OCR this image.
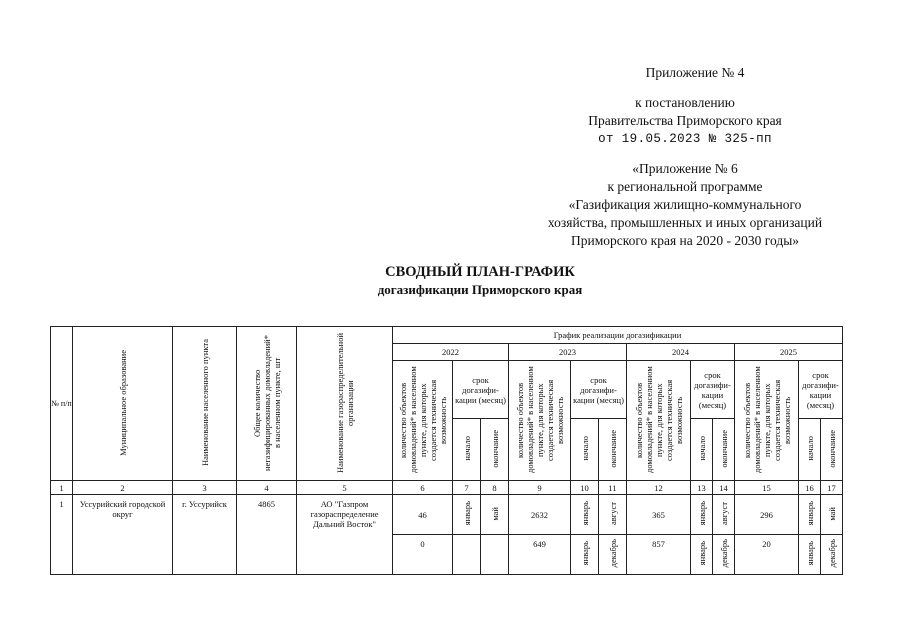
Приложение № 4
к постановлению
Правительства Приморского края
от 19.05.2023 № 325-пп
«Приложение № 6
к региональной программе
«Газификация жилищно-коммунального
хозяйства, промышленных и иных организаций
Приморского края на 2020 - 2030 годы»
СВОДНЫЙ ПЛАН-ГРАФИК
догазификации Приморского края
№ п/п	Муниципальное образование	Наименование населенного пункта	Общее количество негазифицированных домовладений* в населенном пункте, шт	Наименование газораспределительной организации	График реализации догазификации											
					2022			2023			2024			2025		
					количество объектов домовладений* в населенном пункте, для которых создается техническая возможность	срок догазифи-кации (месяц)		количество объектов домовладений* в населенном пункте, для которых создается техническая возможность	срок догазифи-кации (месяц)		количество объектов домовладений* в населенном пункте, для которых создается техническая возможность	срок догазифи-кации (месяц)		количество объектов домовладений* в населенном пункте, для которых создается техническая возможность	срок догазифи-кации (месяц)	
						начало	окончание		начало	окончание		начало	окончание		начало	окончание
1	2	3	4	5	6	7	8	9	10	11	12	13	14	15	16	17
1	Уссурийский городской округ	г. Уссурийск	4865	АО "Газпром газораспределение Дальний Восток"	46	январь	май	2632	январь	август	365	январь	август	296	январь	май
					0			649	январь	декабрь	857	январь	декабрь	20	январь	декабрь
